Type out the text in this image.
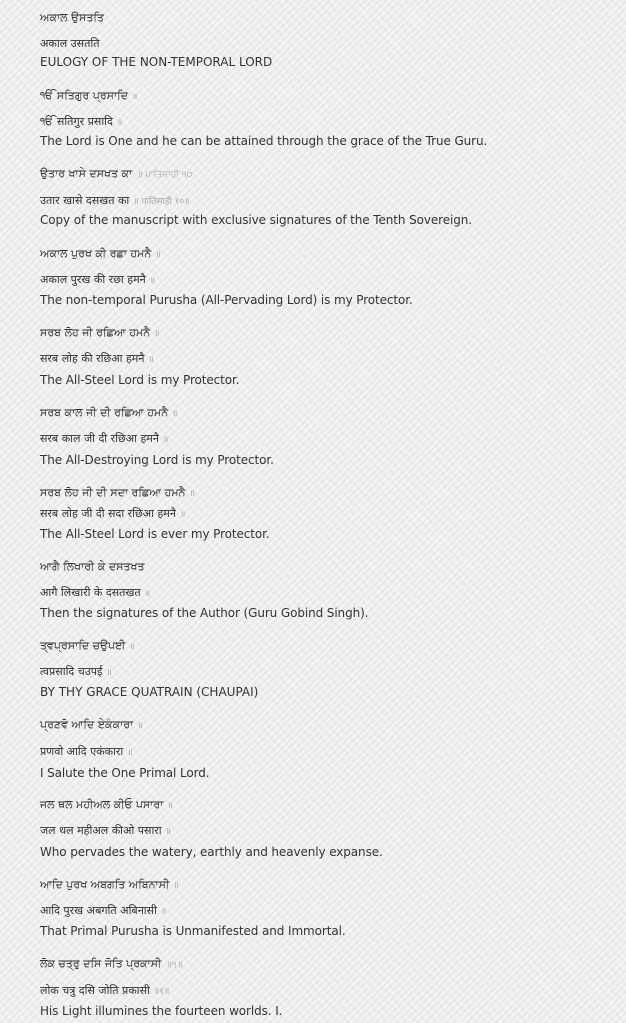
ਅਕਾਲ ਉਸਤਤਿ
अकाल उसतति
EULOGY OF THE NON-TEMPORAL LORD
ੴ ਸਤਿਗੁਰ ਪ੍ਰਸਾਦਿ ॥
ੴ सतिगुर प्रसादि ॥
The Lord is One and he can be attained through the grace of the True Guru.
ਉਤਾਰ ਖਾਸੇ ਦਸਖਤ ਕਾ ॥ ਪਾਤਿਸਾਹੀ ੧੦
उतार खासे दसखत का ॥ पातिसाही १०॥
Copy of the manuscript with exclusive signatures of the Tenth Sovereign.
ਅਕਾਲ ਪੁਰਖ ਕੀ ਰਛਾ ਹਮਨੈ ॥
अकाल पुरख की रछा हमनै ॥
The non-temporal Purusha (All-Pervading Lord) is my Protector.
ਸਰਬ ਲੋਹ ਜੀ ਰਛਿਆ ਹਮਨੈ ॥
सरब लोह की रछिआ हमनै ॥
The All-Steel Lord is my Protector.
ਸਰਬ ਕਾਲ ਜੀ ਦੀ ਰਛਿਆ ਹਮਨੈ ॥
सरब काल जी दी रछिआ हमनै ॥
The All-Destroying Lord is my Protector.
ਸਰਬ ਲੋਹ ਜੀ ਦੀ ਸਦਾ ਰਛਿਆ ਹਮਨੈ ॥
सरब लोह जी दी सदा रछिआ हमनै ॥
The All-Steel Lord is ever my Protector.
ਆਗੈ ਲਿਖਾਰੀ ਕੇ ਦਸਤਖਤ
आगै लिखारी के दसतखत ॥
Then the signatures of the Author (Guru Gobind Singh).
ਤ੍ਵਪ੍ਰਸਾਦਿ ਚਉਪਈ ॥
त्वप्रसादि चउपई ॥
BY THY GRACE QUATRAIN (CHAUPAI)
ਪ੍ਰਣਵੋ ਆਦਿ ਏਕੰਕਾਰਾ ॥
प्रणवो आदि एकंकारा ॥
I Salute the One Primal Lord.
ਜਲ ਥਲ ਮਹੀਅਲ ਕੀਓ ਪਸਾਰਾ ॥
जल थल महीअल कीओ पसारा ॥
Who pervades the watery, earthly and heavenly expanse.
ਆਦਿ ਪੁਰਖ ਅਬਗਤਿ ਅਬਿਨਾਸੀ ॥
आदि पुरख अबगति अबिनासी ॥
That Primal Purusha is Unmanifested and Immortal.
ਲੋਕ ਚਤ੍ਰੁ ਦਸਿ ਜੋਤਿ ਪ੍ਰਕਾਸੀ ॥੧॥
लोक चत्रु दसि जोति प्रकासी ॥१॥
His Light illumines the fourteen worlds. I.
